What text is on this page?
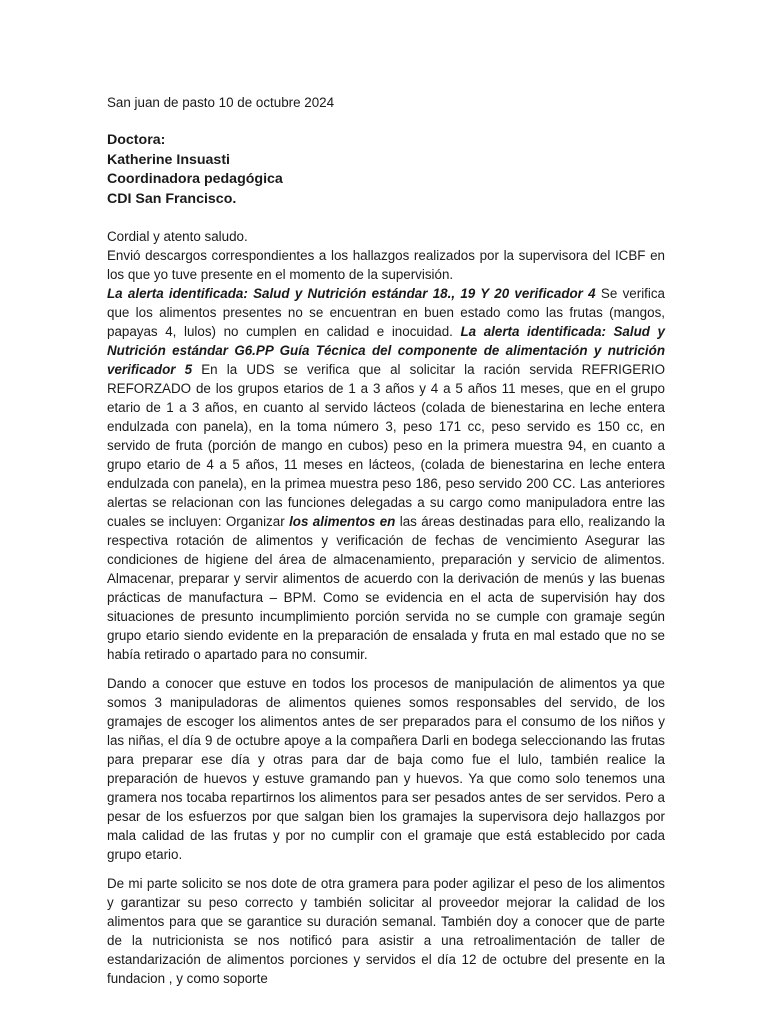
San juan de pasto 10 de octubre 2024

Doctora:
Katherine Insuasti
Coordinadora pedagógica
CDI San Francisco.

Cordial y atento saludo.

Envió descargos correspondientes a los hallazgos realizados por la supervisora del ICBF en los que yo tuve presente en el momento de la supervisión.

La alerta identificada: Salud y Nutrición estándar 18., 19 Y 20 verificador 4 Se verifica que los alimentos presentes no se encuentran en buen estado como las frutas (mangos, papayas 4, lulos) no cumplen en calidad e inocuidad. La alerta identificada: Salud y Nutrición estándar G6.PP Guía Técnica del componente de alimentación y nutrición verificador 5 En la UDS se verifica que al solicitar la ración servida REFRIGERIO REFORZADO de los grupos etarios de 1 a 3 años y 4 a 5 años 11 meses, que en el grupo etario de 1 a 3 años, en cuanto al servido lácteos (colada de bienestarina en leche entera endulzada con panela), en la toma número 3, peso 171 cc, peso servido es 150 cc, en servido de fruta (porción de mango en cubos) peso en la primera muestra 94, en cuanto a grupo etario de 4 a 5 años, 11 meses en lácteos, (colada de bienestarina en leche entera endulzada con panela), en la primea muestra peso 186, peso servido 200 CC. Las anteriores alertas se relacionan con las funciones delegadas a su cargo como manipuladora entre las cuales se incluyen: Organizar los alimentos en las áreas destinadas para ello, realizando la respectiva rotación de alimentos y verificación de fechas de vencimiento Asegurar las condiciones de higiene del área de almacenamiento, preparación y servicio de alimentos. Almacenar, preparar y servir alimentos de acuerdo con la derivación de menús y las buenas prácticas de manufactura – BPM. Como se evidencia en el acta de supervisión hay dos situaciones de presunto incumplimiento porción servida no se cumple con gramaje según grupo etario siendo evidente en la preparación de ensalada y fruta en mal estado que no se había retirado o apartado para no consumir.

Dando a conocer que estuve en todos los procesos de manipulación de alimentos ya que somos 3 manipuladoras de alimentos quienes somos responsables del servido, de los gramajes de escoger los alimentos antes de ser preparados para el consumo de los niños y las niñas, el día 9 de octubre apoye a la compañera Darli en bodega seleccionando las frutas para preparar ese día y otras para dar de baja como fue el lulo, también realice la preparación de huevos y estuve gramando pan y huevos. Ya que como solo tenemos una gramera nos tocaba repartirnos los alimentos para ser pesados antes de ser servidos. Pero a pesar de los esfuerzos por que salgan bien los gramajes la supervisora dejo hallazgos por mala calidad de las frutas y por no cumplir con el gramaje que está establecido por cada grupo etario.

De mi parte solicito se nos dote de otra gramera para poder agilizar el peso de los alimentos y garantizar su peso correcto y también solicitar al proveedor mejorar la calidad de los alimentos para que se garantice su duración semanal. También doy a conocer que de parte de la nutricionista se nos notificó para asistir a una retroalimentación de taller de estandarización de alimentos porciones y servidos el día 12 de octubre del presente en la fundacion , y como soporte
